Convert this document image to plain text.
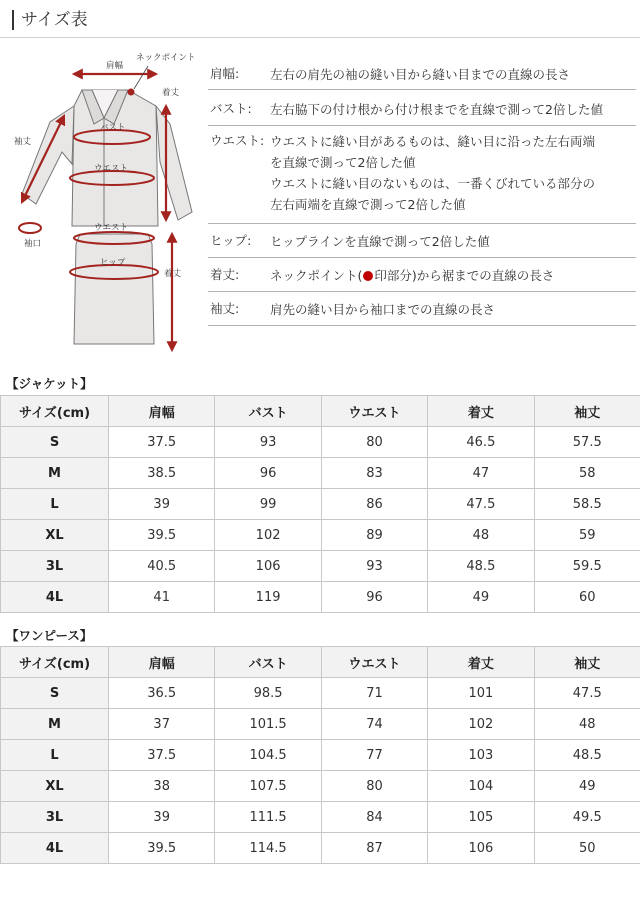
サイズ表
肩幅
ネックポイント
着丈
袖丈
バスト
ウエスト
袖口
ウエスト
ヒップ
着丈
肩幅:	左右の肩先の袖の縫い目から縫い目までの直線の長さ
バスト:	左右脇下の付け根から付け根までを直線で測って2倍した値
ウエスト: ウエストに縫い目があるものは、縫い目に沿った左右両端
を直線で測って2倍した値
ウエストに縫い目のないものは、一番くびれている部分の
左右両端を直線で測って2倍した値
ヒップ:	ヒップラインを直線で測って2倍した値
着丈:	ネックポイント( 印部分)から裾までの直線の長さ
袖丈:	肩先の縫い目から袖口までの直線の長さ
【ジャケット】
サイズ(cm)	肩幅	バスト	ウエスト	着丈	袖丈
S	37.5	93	80	46.5	57.5
M	38.5	96	83	47	58
L	39	99	86	47.5	58.5
XL	39.5	102	89	48	59
3L	40.5	106	93	48.5	59.5
4L	41	119	96	49	60
【ワンピース】
サイズ(cm)	肩幅	バスト	ウエスト	着丈	袖丈
S	36.5	98.5	71	101	47.5
M	37	101.5	74	102	48
L	37.5	104.5	77	103	48.5
XL	38	107.5	80	104	49
3L	39	111.5	84	105	49.5
4L	39.5	114.5	87	106	50
